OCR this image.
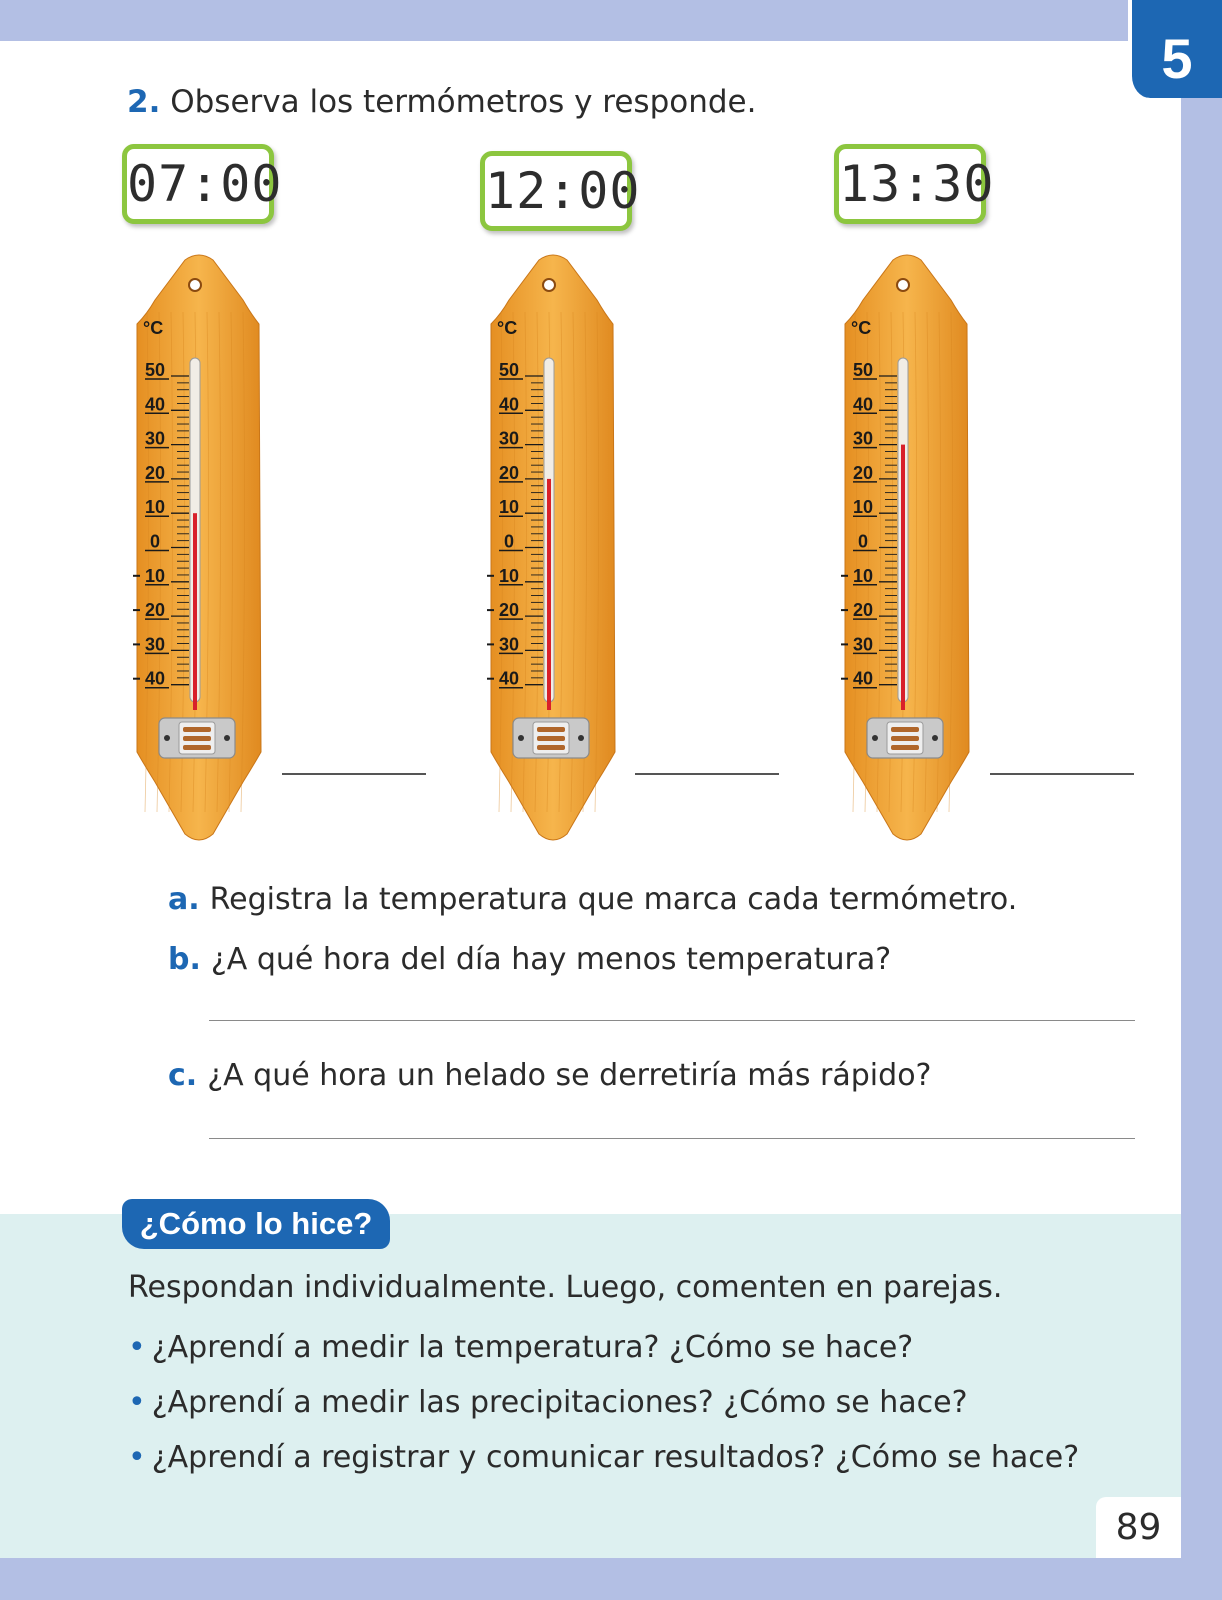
5
2. Observa los termómetros y responde.
07:00	12:00	13:30
°C
50
40
30
20
10
0
10
20
30
40
°C
50
40
30
20
10
0
10
20
30
40
°C
50
40
30
20
10
0
10
20
30
40
a. Registra la temperatura que marca cada termómetro.
b. ¿A qué hora del día hay menos temperatura?
c. ¿A qué hora un helado se derretiría más rápido?
¿Cómo lo hice?
Respondan individualmente. Luego, comenten en parejas.
• ¿Aprendí a medir la temperatura? ¿Cómo se hace?
• ¿Aprendí a medir las precipitaciones? ¿Cómo se hace?
• ¿Aprendí a registrar y comunicar resultados? ¿Cómo se hace?
89
